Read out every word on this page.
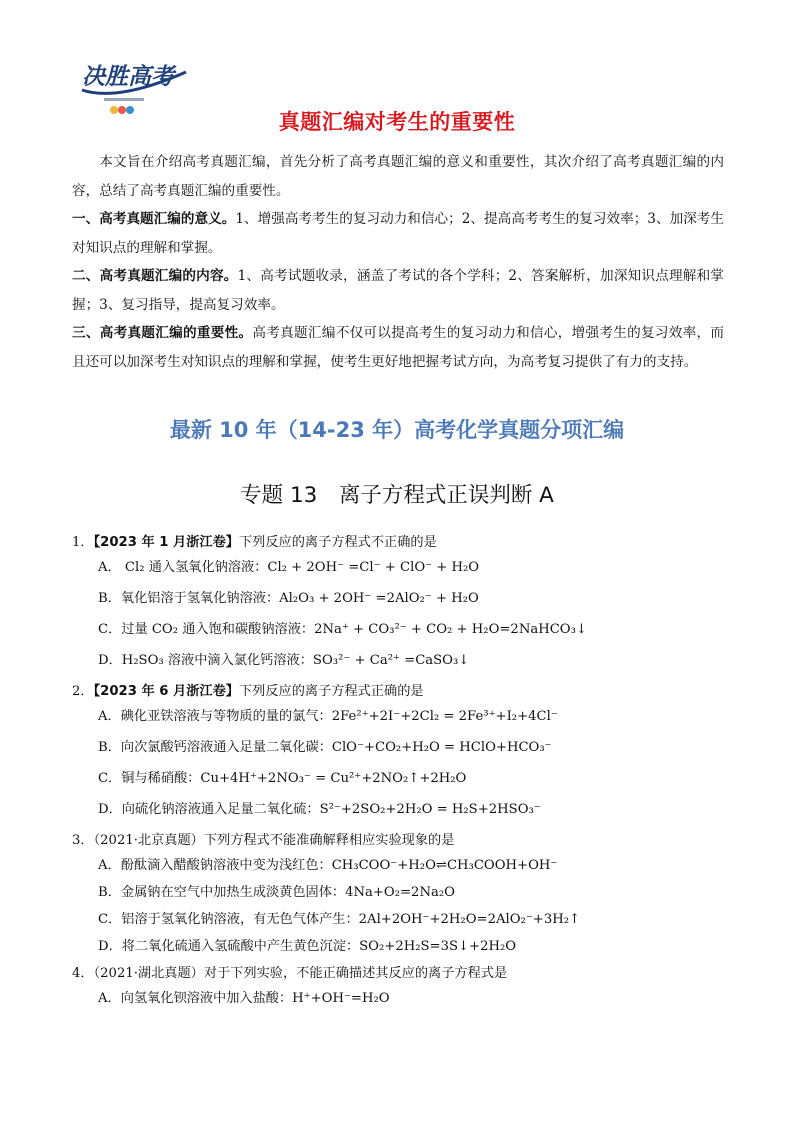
决胜高考
真题汇编对考生的重要性

本文旨在介绍高考真题汇编，首先分析了高考真题汇编的意义和重要性，其次介绍了高考真题汇编的内容，总结了高考真题汇编的重要性。

一、高考真题汇编的意义。1、增强高考考生的复习动力和信心；2、提高高考考生的复习效率；3、加深考生对知识点的理解和掌握。

二、高考真题汇编的内容。1、高考试题收录，涵盖了考试的各个学科；2、答案解析，加深知识点理解和掌握；3、复习指导，提高复习效率。

三、高考真题汇编的重要性。高考真题汇编不仅可以提高考生的复习动力和信心，增强考生的复习效率，而且还可以加深考生对知识点的理解和掌握，使考生更好地把握考试方向，为高考复习提供了有力的支持。

最新 10 年（14-23 年）高考化学真题分项汇编
专题 13　离子方程式正误判断 A
1．【2023 年 1 月浙江卷】下列反应的离子方程式不正确的是
A． Cl₂ 通入氢氧化钠溶液：Cl₂ + 2OH⁻ =Cl⁻ + ClO⁻ + H₂O
B．氧化铝溶于氢氧化钠溶液：Al₂O₃ + 2OH⁻ =2AlO₂⁻ + H₂O
C．过量 CO₂ 通入饱和碳酸钠溶液：2Na⁺ + CO₃²⁻ + CO₂ + H₂O=2NaHCO₃↓
D．H₂SO₃ 溶液中滴入氯化钙溶液：SO₃²⁻ + Ca²⁺ =CaSO₃↓
2．【2023 年 6 月浙江卷】下列反应的离子方程式正确的是
A．碘化亚铁溶液与等物质的量的氯气：2Fe²⁺+2I⁻+2Cl₂ = 2Fe³⁺+I₂+4Cl⁻
B．向次氯酸钙溶液通入足量二氧化碳：ClO⁻+CO₂+H₂O = HClO+HCO₃⁻
C．铜与稀硝酸：Cu+4H⁺+2NO₃⁻ = Cu²⁺+2NO₂↑+2H₂O
D．向硫化钠溶液通入足量二氧化硫：S²⁻+2SO₂+2H₂O = H₂S+2HSO₃⁻
3．（2021·北京真题）下列方程式不能准确解释相应实验现象的是
A．酚酞滴入醋酸钠溶液中变为浅红色：CH₃COO⁻+H₂O⇌CH₃COOH+OH⁻
B．金属钠在空气中加热生成淡黄色固体：4Na+O₂=2Na₂O
C．铝溶于氢氧化钠溶液，有无色气体产生：2Al+2OH⁻+2H₂O=2AlO₂⁻+3H₂↑
D．将二氧化硫通入氢硫酸中产生黄色沉淀：SO₂+2H₂S=3S↓+2H₂O
4．（2021·湖北真题）对于下列实验，不能正确描述其反应的离子方程式是
A．向氢氧化钡溶液中加入盐酸：H⁺+OH⁻=H₂O
